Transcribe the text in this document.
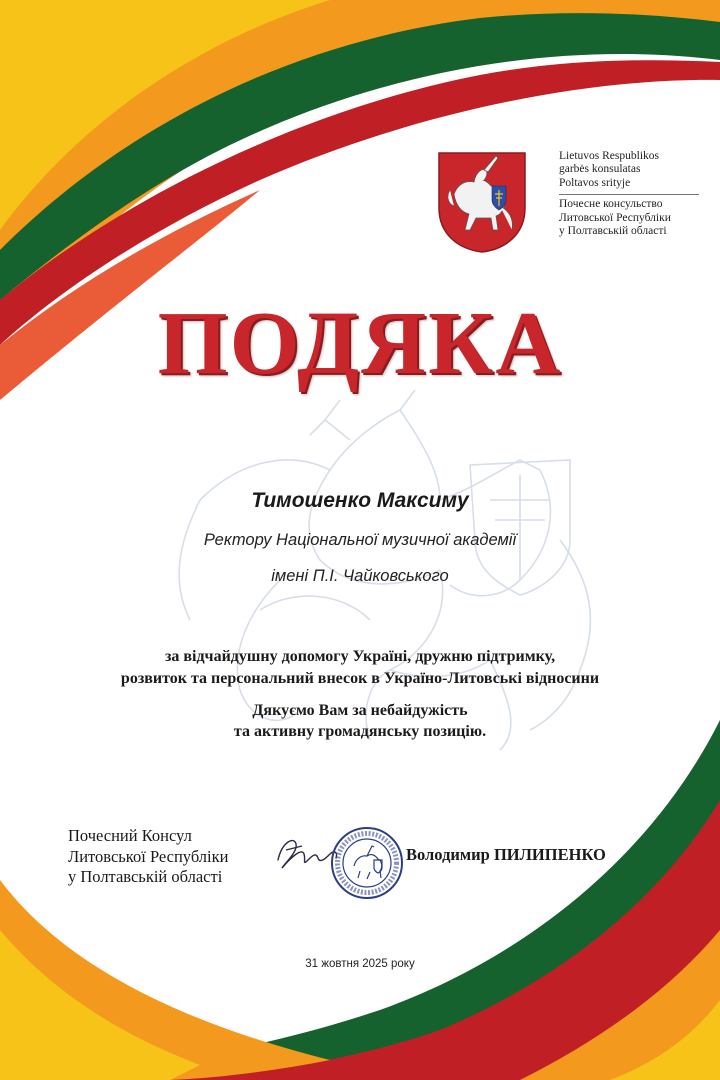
Lietuvos Respublikos
garbės konsulatas
Poltavos srityje
Почесне консульство
Литовської Республіки
у Полтавській області
ПОДЯКА
Тимошенко Максиму
Ректору Національної музичної академії
імені П.І. Чайковського
за відчайдушну допомогу Україні, дружню підтримку,
розвиток та персональний внесок в Україно-Литовські відносини
Дякуємо Вам за небайдужість
та активну громадянську позицію.
Почесний Консул
Литовської Республіки
у Полтавській області
Володимир ПИЛИПЕНКО
31 жовтня 2025 року
